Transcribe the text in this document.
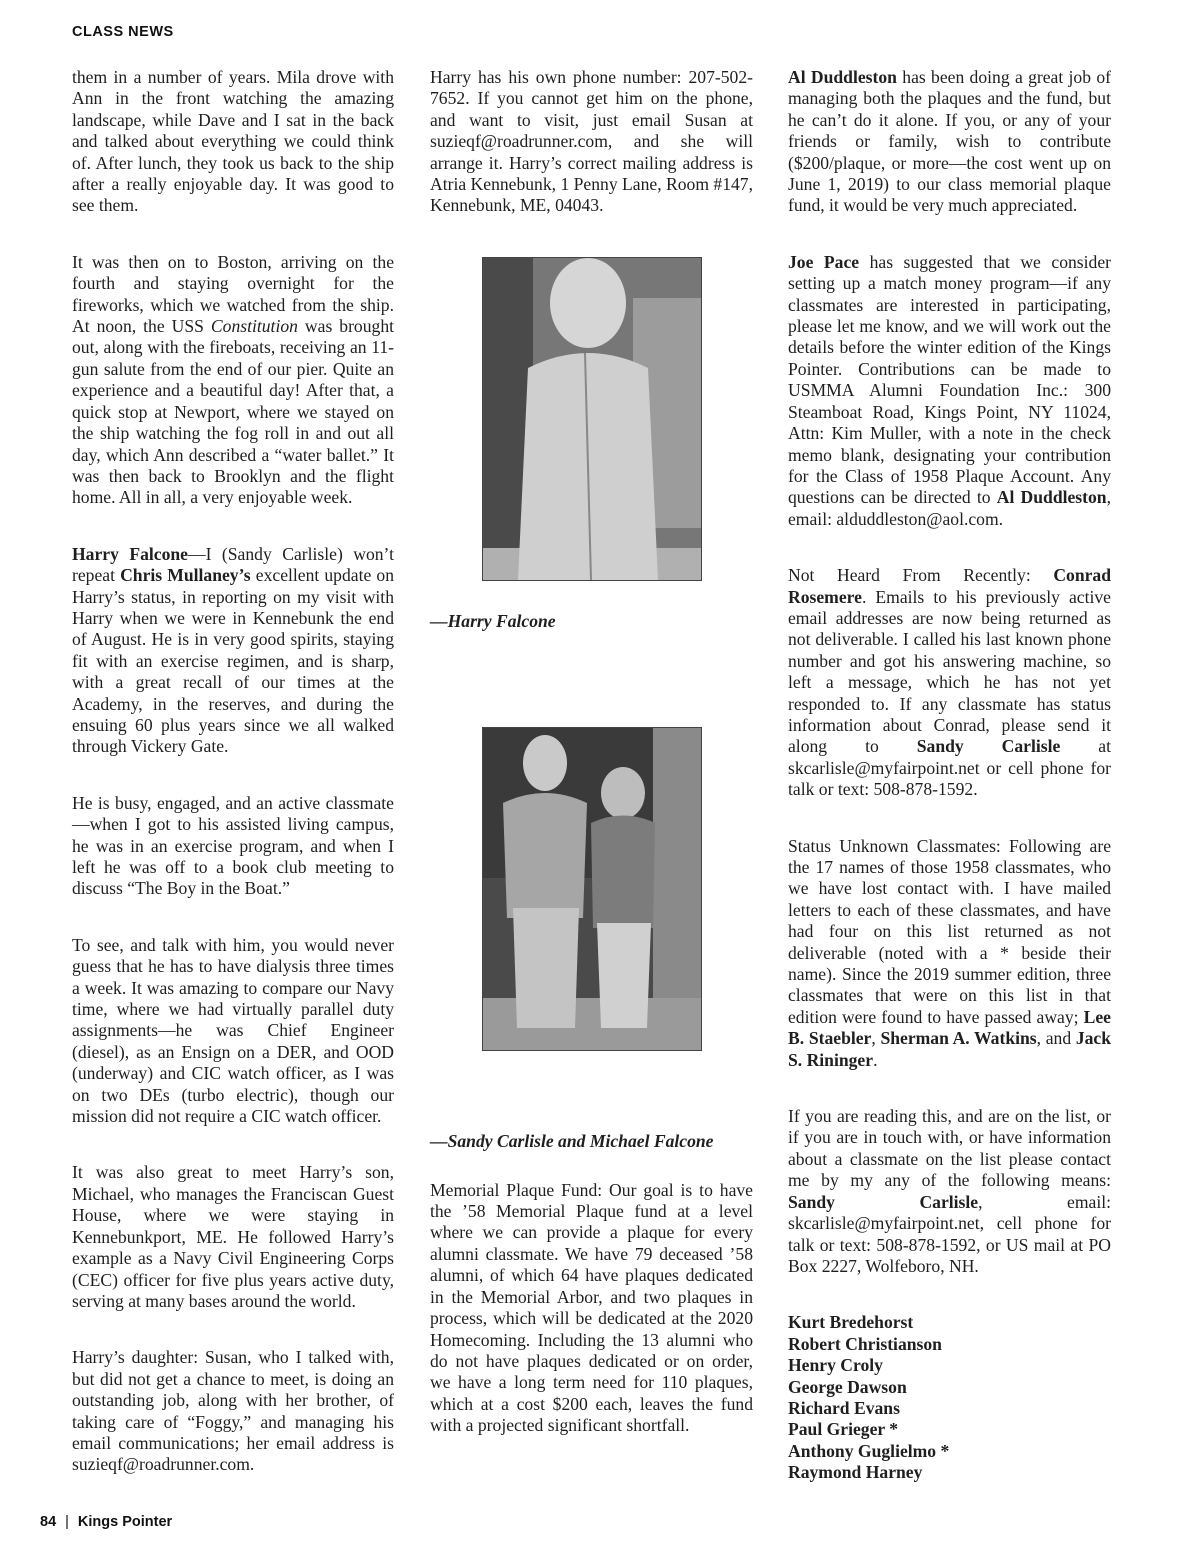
CLASS NEWS

them in a number of years. Mila drove with Ann in the front watching the amazing landscape, while Dave and I sat in the back and talked about everything we could think of. After lunch, they took us back to the ship after a really enjoyable day. It was good to see them.

It was then on to Boston, arriving on the fourth and staying overnight for the fireworks, which we watched from the ship. At noon, the USS Constitution was brought out, along with the fireboats, receiving an 11-gun salute from the end of our pier. Quite an experience and a beautiful day! After that, a quick stop at Newport, where we stayed on the ship watching the fog roll in and out all day, which Ann described a “water ballet.” It was then back to Brooklyn and the flight home. All in all, a very enjoyable week.

Harry Falcone—I (Sandy Carlisle) won’t repeat Chris Mullaney’s excellent update on Harry’s status, in reporting on my visit with Harry when we were in Kennebunk the end of August. He is in very good spirits, staying fit with an exercise regimen, and is sharp, with a great recall of our times at the Academy, in the reserves, and during the ensuing 60 plus years since we all walked through Vickery Gate.

He is busy, engaged, and an active classmate—when I got to his assisted living campus, he was in an exercise program, and when I left he was off to a book club meeting to discuss “The Boy in the Boat.”

To see, and talk with him, you would never guess that he has to have dialysis three times a week. It was amazing to compare our Navy time, where we had virtually parallel duty assignments—he was Chief Engineer (diesel), as an Ensign on a DER, and OOD (underway) and CIC watch officer, as I was on two DEs (turbo electric), though our mission did not require a CIC watch officer.

It was also great to meet Harry’s son, Michael, who manages the Franciscan Guest House, where we were staying in Kennebunkport, ME. He followed Harry’s example as a Navy Civil Engineering Corps (CEC) officer for five plus years active duty, serving at many bases around the world.

Harry’s daughter: Susan, who I talked with, but did not get a chance to meet, is doing an outstanding job, along with her brother, of taking care of “Foggy,” and managing his email communications; her email address is suzieqf@roadrunner.com.

Harry has his own phone number: 207-502-7652. If you cannot get him on the phone, and want to visit, just email Susan at suzieqf@roadrunner.com, and she will arrange it. Harry’s correct mailing address is Atria Kennebunk, 1 Penny Lane, Room #147, Kennebunk, ME, 04043.

—Harry Falcone
—Sandy Carlisle and Michael Falcone

Memorial Plaque Fund: Our goal is to have the ’58 Memorial Plaque fund at a level where we can provide a plaque for every alumni classmate. We have 79 deceased ’58 alumni, of which 64 have plaques dedicated in the Memorial Arbor, and two plaques in process, which will be dedicated at the 2020 Homecoming. Including the 13 alumni who do not have plaques dedicated or on order, we have a long term need for 110 plaques, which at a cost $200 each, leaves the fund with a projected significant shortfall.

Al Duddleston has been doing a great job of managing both the plaques and the fund, but he can’t do it alone. If you, or any of your friends or family, wish to contribute ($200/plaque, or more—the cost went up on June 1, 2019) to our class memorial plaque fund, it would be very much appreciated.

Joe Pace has suggested that we consider setting up a match money program—if any classmates are interested in participating, please let me know, and we will work out the details before the winter edition of the Kings Pointer. Contributions can be made to USMMA Alumni Foundation Inc.: 300 Steamboat Road, Kings Point, NY 11024, Attn: Kim Muller, with a note in the check memo blank, designating your contribution for the Class of 1958 Plaque Account. Any questions can be directed to Al Duddleston, email: alduddleston@aol.com.

Not Heard From Recently: Conrad Rosemere. Emails to his previously active email addresses are now being returned as not deliverable. I called his last known phone number and got his answering machine, so left a message, which he has not yet responded to. If any classmate has status information about Conrad, please send it along to Sandy Carlisle at skcarlisle@myfairpoint.net or cell phone for talk or text: 508-878-1592.

Status Unknown Classmates: Following are the 17 names of those 1958 classmates, who we have lost contact with. I have mailed letters to each of these classmates, and have had four on this list returned as not deliverable (noted with a * beside their name). Since the 2019 summer edition, three classmates that were on this list in that edition were found to have passed away; Lee B. Staebler, Sherman A. Watkins, and Jack S. Rininger.

If you are reading this, and are on the list, or if you are in touch with, or have information about a classmate on the list please contact me by my any of the following means: Sandy Carlisle, email: skcarlisle@myfairpoint.net, cell phone for talk or text: 508-878-1592, or US mail at PO Box 2227, Wolfeboro, NH.

Kurt Bredehorst
Robert Christianson
Henry Croly
George Dawson
Richard Evans
Paul Grieger *
Anthony Guglielmo *
Raymond Harney
84 | Kings Pointer
